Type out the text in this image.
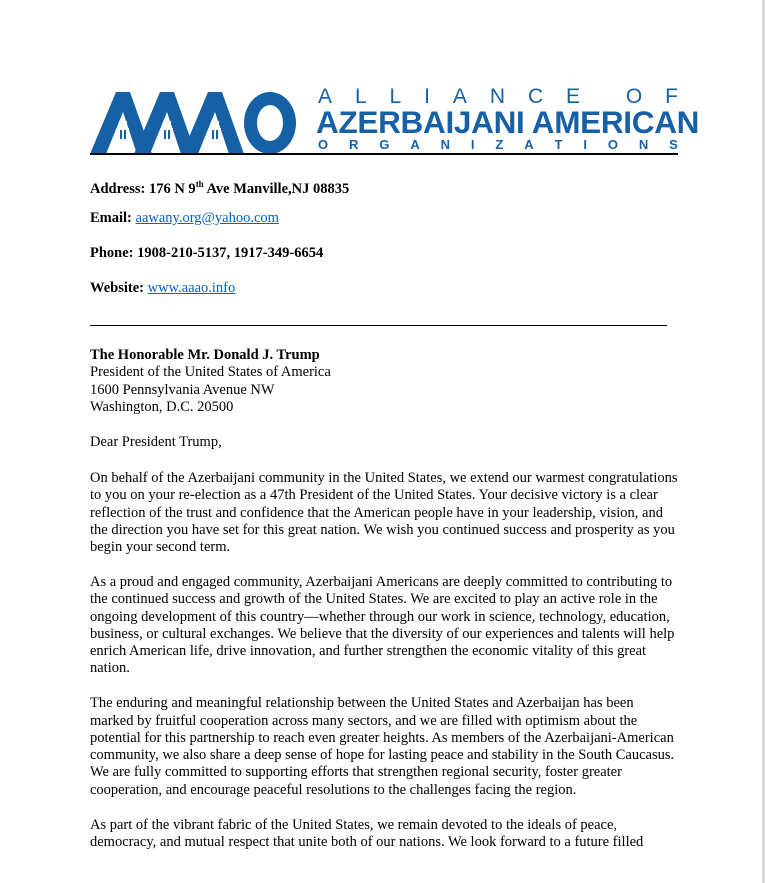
A L L I A N C E O F
AZERBAIJANI AMERICAN
O R G A N I Z A T I O N S
Address: 176 N 9th Ave Manville,NJ 08835
Email: aawany.org@yahoo.com
Phone: 1908-210-5137, 1917-349-6654
Website: www.aaao.info
The Honorable Mr. Donald J. Trump
President of the United States of America
1600 Pennsylvania Avenue NW
Washington, D.C. 20500
Dear President Trump,

On behalf of the Azerbaijani community in the United States, we extend our warmest congratulations to you on your re-election as a 47th President of the United States. Your decisive victory is a clear reflection of the trust and confidence that the American people have in your leadership, vision, and the direction you have set for this great nation. We wish you continued success and prosperity as you begin your second term.

As a proud and engaged community, Azerbaijani Americans are deeply committed to contributing to the continued success and growth of the United States. We are excited to play an active role in the ongoing development of this country—whether through our work in science, technology, education, business, or cultural exchanges. We believe that the diversity of our experiences and talents will help enrich American life, drive innovation, and further strengthen the economic vitality of this great nation.

The enduring and meaningful relationship between the United States and Azerbaijan has been marked by fruitful cooperation across many sectors, and we are filled with optimism about the potential for this partnership to reach even greater heights. As members of the Azerbaijani-American community, we also share a deep sense of hope for lasting peace and stability in the South Caucasus. We are fully committed to supporting efforts that strengthen regional security, foster greater cooperation, and encourage peaceful resolutions to the challenges facing the region.

As part of the vibrant fabric of the United States, we remain devoted to the ideals of peace, democracy, and mutual respect that unite both of our nations. We look forward to a future filled
